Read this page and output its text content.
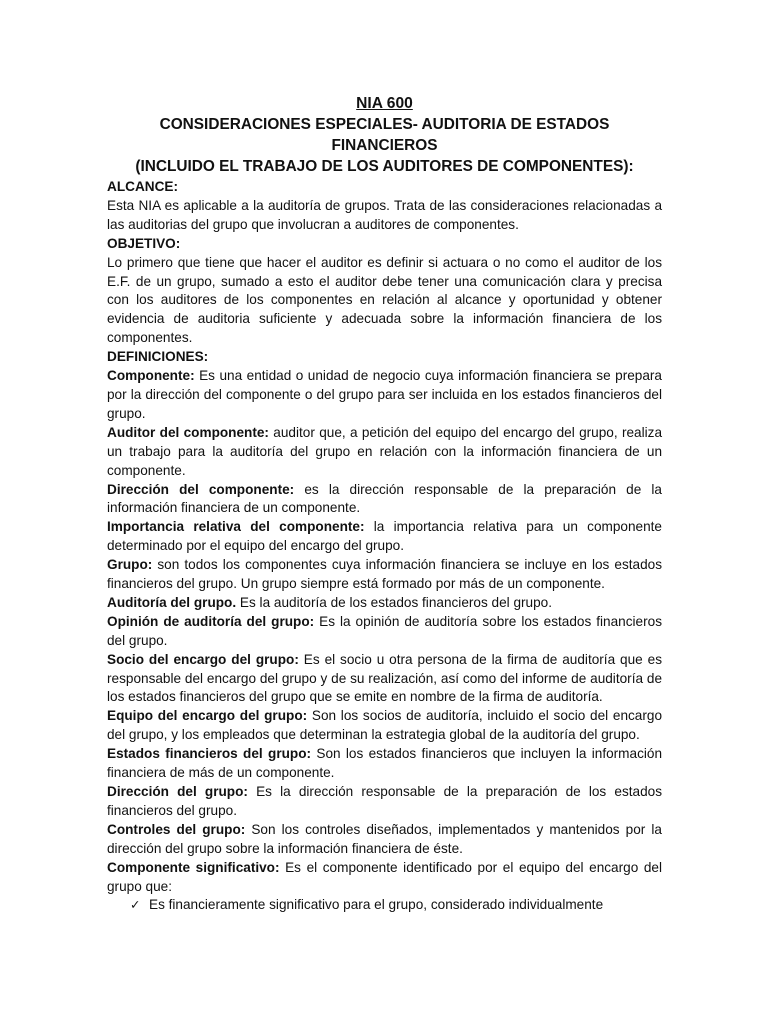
NIA 600
CONSIDERACIONES ESPECIALES- AUDITORIA DE ESTADOS FINANCIEROS
(INCLUIDO EL TRABAJO DE LOS AUDITORES DE COMPONENTES):
ALCANCE:

Esta NIA es aplicable a la auditoría de grupos. Trata de las consideraciones relacionadas a las auditorias del grupo que involucran a auditores de componentes.

OBJETIVO:

Lo primero que tiene que hacer el auditor es definir si actuara o no como el auditor de los E.F. de un grupo, sumado a esto el auditor debe tener una comunicación clara y precisa con los auditores de los componentes en relación al alcance y oportunidad y obtener evidencia de auditoria suficiente y adecuada sobre la información financiera de los componentes.

DEFINICIONES:

Componente: Es una entidad o unidad de negocio cuya información financiera se prepara por la dirección del componente o del grupo para ser incluida en los estados financieros del grupo.

Auditor del componente: auditor que, a petición del equipo del encargo del grupo, realiza un trabajo para la auditoría del grupo en relación con la información financiera de un componente.

Dirección del componente: es la dirección responsable de la preparación de la información financiera de un componente.

Importancia relativa del componente: la importancia relativa para un componente determinado por el equipo del encargo del grupo.

Grupo: son todos los componentes cuya información financiera se incluye en los estados financieros del grupo. Un grupo siempre está formado por más de un componente.

Auditoría del grupo. Es la auditoría de los estados financieros del grupo.

Opinión de auditoría del grupo: Es la opinión de auditoría sobre los estados financieros del grupo.

Socio del encargo del grupo: Es el socio u otra persona de la firma de auditoría que es responsable del encargo del grupo y de su realización, así como del informe de auditoría de los estados financieros del grupo que se emite en nombre de la firma de auditoría.

Equipo del encargo del grupo: Son los socios de auditoría, incluido el socio del encargo del grupo, y los empleados que determinan la estrategia global de la auditoría del grupo.

Estados financieros del grupo: Son los estados financieros que incluyen la información financiera de más de un componente.

Dirección del grupo: Es la dirección responsable de la preparación de los estados financieros del grupo.

Controles del grupo: Son los controles diseñados, implementados y mantenidos por la dirección del grupo sobre la información financiera de éste.

Componente significativo: Es el componente identificado por el equipo del encargo del grupo que:

✓ Es financieramente significativo para el grupo, considerado individualmente
